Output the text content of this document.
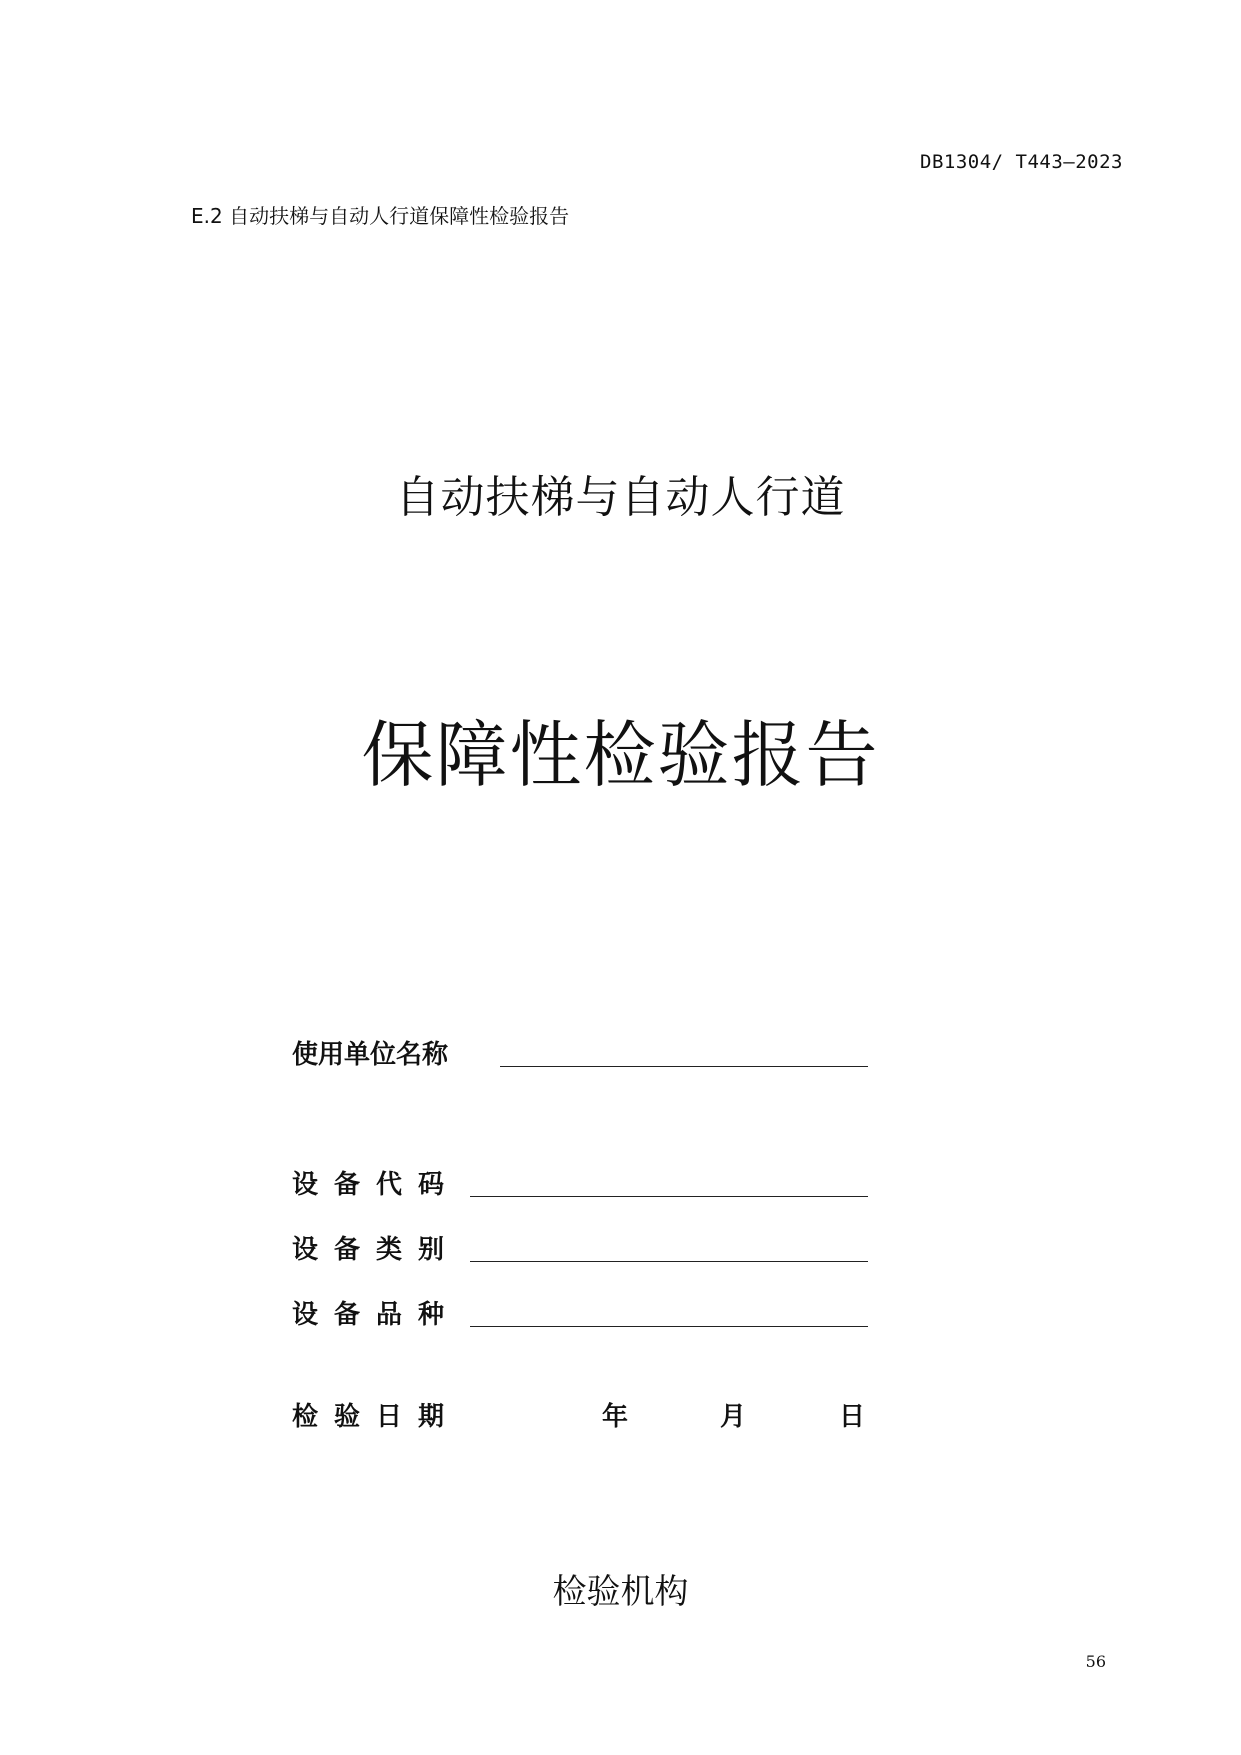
DB1304/ T443—2023
E.2 自动扶梯与自动人行道保障性检验报告
自动扶梯与自动人行道
保障性检验报告
使用单位名称
设备代码
设备类别
设备品种
检验日期	年	月	日
检验机构
56
